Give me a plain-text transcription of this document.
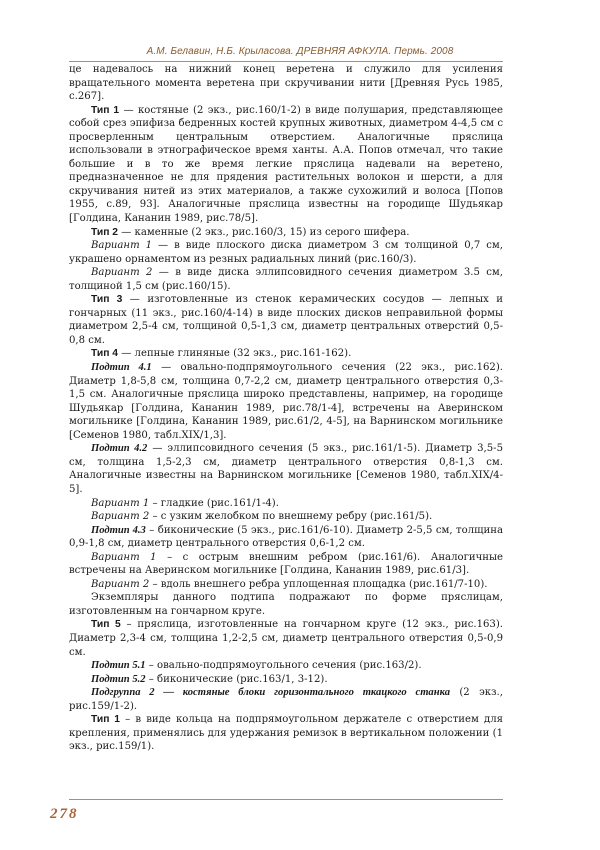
А.М. Белавин, Н.Б. Крыласова. ДРЕВНЯЯ АФКУЛА. Пермь. 2008

це надевалось на нижний конец веретена и служило для усиления вращательного момента веретена при скручивании нити [Древняя Русь 1985, с.267].

Тип 1 — костяные (2 экз., рис.160/1-2) в виде полушария, представляющее собой срез эпифиза бедренных костей крупных животных, диаметром 4-4,5 см с просверленным центральным отверстием. Аналогичные пряслица использовали в этнографическое время ханты. А.А. Попов отмечал, что такие большие и в то же время легкие пряслица надевали на веретено, предназначенное не для прядения растительных волокон и шерсти, а для скручивания нитей из этих материалов, а также сухожилий и волоса [Попов 1955, с.89, 93]. Аналогичные пряслица известны на городище Шудьякар [Голдина, Кананин 1989, рис.78/5].

Тип 2 — каменные (2 экз., рис.160/3, 15) из серого шифера.

Вариант 1 — в виде плоского диска диаметром 3 см толщиной 0,7 см, украшено орнаментом из резных радиальных линий (рис.160/3).

Вариант 2 — в виде диска эллипсовидного сечения диаметром 3.5 см, толщиной 1,5 см (рис.160/15).

Тип 3 — изготовленные из стенок керамических сосудов — лепных и гончарных (11 экз., рис.160/4-14) в виде плоских дисков неправильной формы диаметром 2,5-4 см, толщиной 0,5-1,3 см, диаметр центральных отверстий 0,5-0,8 см.

Тип 4 — лепные глиняные (32 экз., рис.161-162).

Подтип 4.1 — овально-подпрямоугольного сечения (22 экз., рис.162). Диаметр 1,8-5,8 см, толщина 0,7-2,2 см, диаметр центрального отверстия 0,3-1,5 см. Аналогичные пряслица широко представлены, например, на городище Шудьякар [Голдина, Кананин 1989, рис.78/1-4], встречены на Аверинском могильнике [Голдина, Кананин 1989, рис.61/2, 4-5], на Варнинском могильнике [Семенов 1980, табл.XIX/1,3].

Подтип 4.2 — эллипсовидного сечения (5 экз., рис.161/1-5). Диаметр 3,5-5 см, толщина 1,5-2,3 см, диаметр центрального отверстия 0,8-1,3 см. Аналогичные известны на Варнинском могильнике [Семенов 1980, табл.XIX/4-5].

Вариант 1 – гладкие (рис.161/1-4).

Вариант 2 – с узким желобком по внешнему ребру (рис.161/5).

Подтип 4.3 – биконические (5 экз., рис.161/6-10). Диаметр 2-5,5 см, толщина 0,9-1,8 см, диаметр центрального отверстия 0,6-1,2 см.

Вариант 1 – с острым внешним ребром (рис.161/6). Аналогичные встречены на Аверинском могильнике [Голдина, Кананин 1989, рис.61/3].

Вариант 2 – вдоль внешнего ребра уплощенная площадка (рис.161/7-10).

Экземпляры данного подтипа подражают по форме пряслицам, изготовленным на гончарном круге.

Тип 5 – пряслица, изготовленные на гончарном круге (12 экз., рис.163). Диаметр 2,3-4 см, толщина 1,2-2,5 см, диаметр центрального отверстия 0,5-0,9 см.

Подтип 5.1 – овально-подпрямоугольного сечения (рис.163/2).

Подтип 5.2 – биконические (рис.163/1, 3-12).

Подгруппа 2 — костяные блоки горизонтального ткацкого станка (2 экз., рис.159/1-2).

Тип 1 – в виде кольца на подпрямоугольном держателе с отверстием для крепления, применялись для удержания ремизок в вертикальном положении (1 экз., рис.159/1).

278
